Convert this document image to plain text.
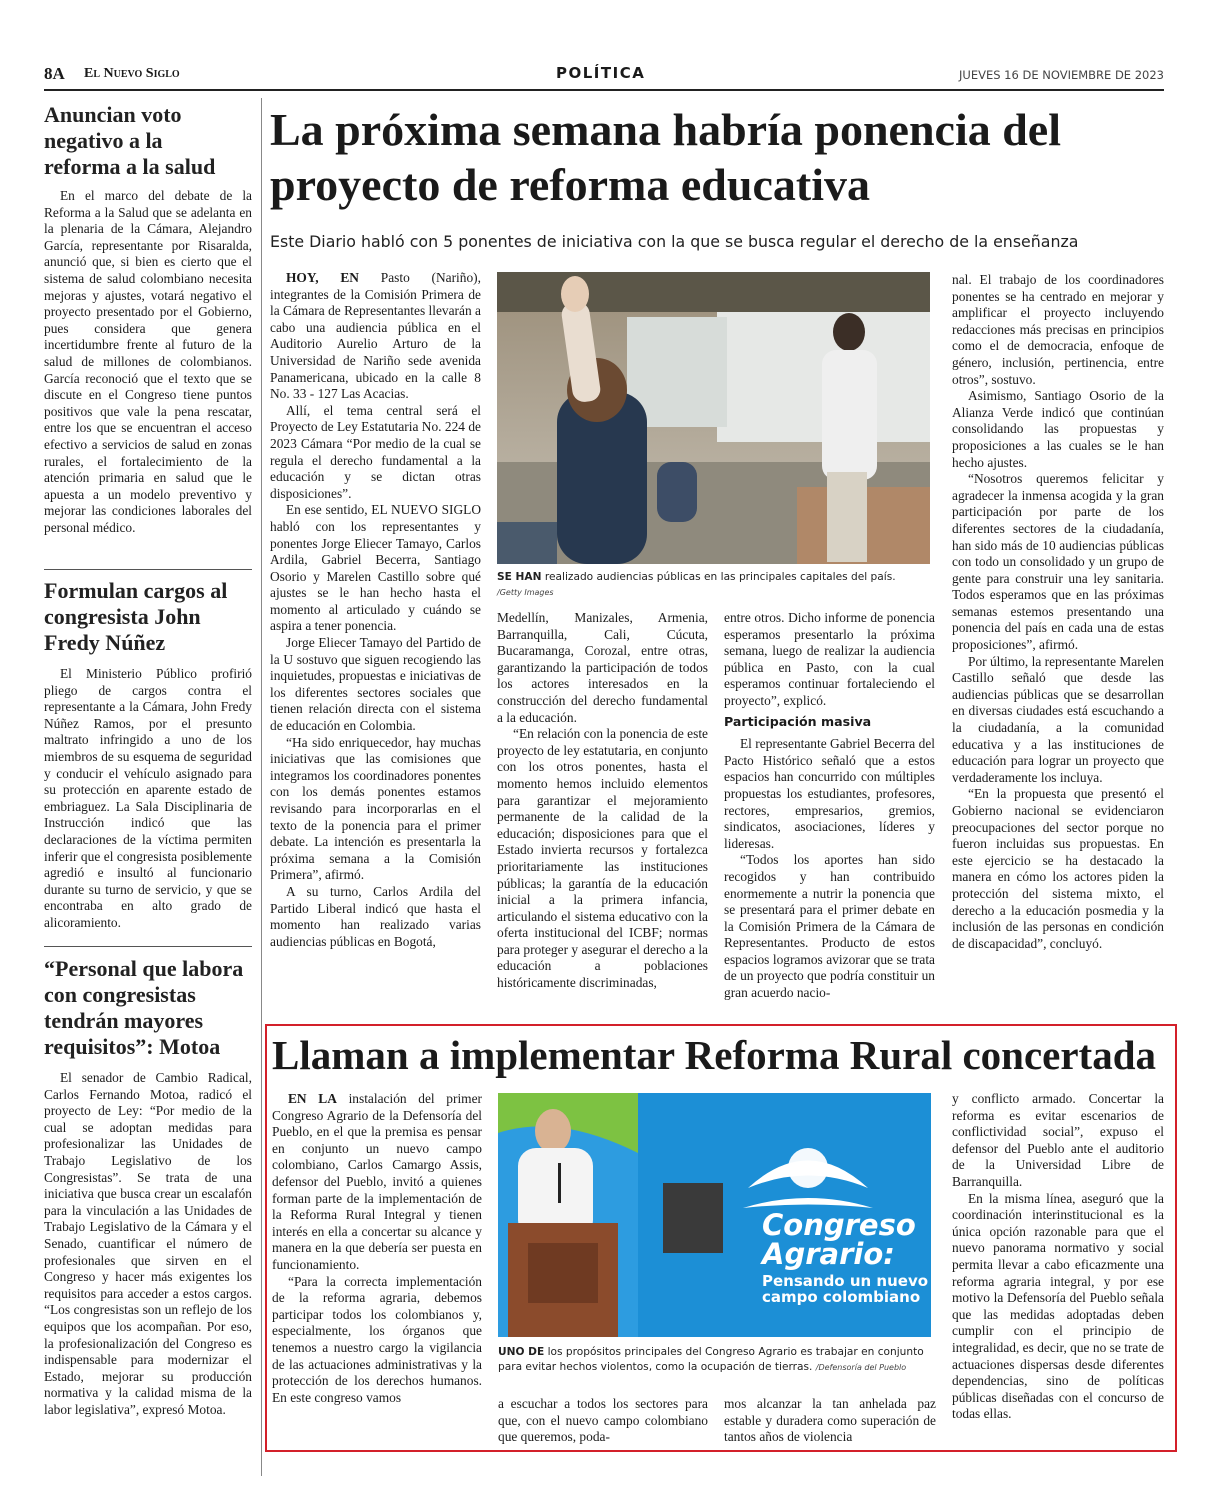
8A El Nuevo Siglo	POLÍTICA	JUEVES 16 DE NOVIEMBRE DE 2023
Anuncian voto negativo a la reforma a la salud

En el marco del debate de la Reforma a la Salud que se adelanta en la plenaria de la Cámara, Alejandro García, representante por Risaralda, anunció que, si bien es cierto que el sistema de salud colombiano necesita mejoras y ajustes, votará negativo el proyecto presentado por el Gobierno, pues considera que genera incertidumbre frente al futuro de la salud de millones de colombianos. García reconoció que el texto que se discute en el Congreso tiene puntos positivos que vale la pena rescatar, entre los que se encuentran el acceso efectivo a servicios de salud en zonas rurales, el fortalecimiento de la atención primaria en salud que le apuesta a un modelo preventivo y mejorar las condiciones laborales del personal médico.

Formulan cargos al congresista John Fredy Núñez

El Ministerio Público profirió pliego de cargos contra el representante a la Cámara, John Fredy Núñez Ramos, por el presunto maltrato infringido a uno de los miembros de su esquema de seguridad y conducir el vehículo asignado para su protección en aparente estado de embriaguez. La Sala Disciplinaria de Instrucción indicó que las declaraciones de la víctima permiten inferir que el congresista posiblemente agredió e insultó al funcionario durante su turno de servicio, y que se encontraba en alto grado de alicoramiento.

“Personal que labora con congresistas tendrán mayores requisitos”: Motoa

El senador de Cambio Radical, Carlos Fernando Motoa, radicó el proyecto de Ley: “Por medio de la cual se adoptan medidas para profesionalizar las Unidades de Trabajo Legislativo de los Congresistas”. Se trata de una iniciativa que busca crear un escalafón para la vinculación a las Unidades de Trabajo Legislativo de la Cámara y el Senado, cuantificar el número de profesionales que sirven en el Congreso y hacer más exigentes los requisitos para acceder a estos cargos. “Los congresistas son un reflejo de los equipos que los acompañan. Por eso, la profesionalización del Congreso es indispensable para modernizar el Estado, mejorar su producción normativa y la calidad misma de la labor legislativa”, expresó Motoa.

La próxima semana habría ponencia del proyecto de reforma educativa
Este Diario habló con 5 ponentes de iniciativa con la que se busca regular el derecho de la enseñanza

HOY, EN Pasto (Nariño), integrantes de la Comisión Primera de la Cámara de Representantes llevarán a cabo una audiencia pública en el Auditorio Aurelio Arturo de la Universidad de Nariño sede avenida Panamericana, ubicado en la calle 8 No. 33 - 127 Las Acacias.

Allí, el tema central será el Proyecto de Ley Estatutaria No. 224 de 2023 Cámara “Por medio de la cual se regula el derecho fundamental a la educación y se dictan otras disposiciones”.

En ese sentido, EL NUEVO SIGLO habló con los representantes y ponentes Jorge Eliecer Tamayo, Carlos Ardila, Gabriel Becerra, Santiago Osorio y Marelen Castillo sobre qué ajustes se le han hecho hasta el momento al articulado y cuándo se aspira a tener ponencia.

Jorge Eliecer Tamayo del Partido de la U sostuvo que siguen recogiendo las inquietudes, propuestas e iniciativas de los diferentes sectores sociales que tienen relación directa con el sistema de educación en Colombia.

“Ha sido enriquecedor, hay muchas iniciativas que las comisiones que integramos los coordinadores ponentes con los demás ponentes estamos revisando para incorporarlas en el texto de la ponencia para el primer debate. La intención es presentarla la próxima semana a la Comisión Primera”, afirmó.

A su turno, Carlos Ardila del Partido Liberal indicó que hasta el momento han realizado varias audiencias públicas en Bogotá,

SE HAN realizado audiencias públicas en las principales capitales del país.
/Getty Images

Medellín, Manizales, Armenia, Barranquilla, Cali, Cúcuta, Bucaramanga, Corozal, entre otras, garantizando la participación de todos los actores interesados en la construcción del derecho fundamental a la educación.

“En relación con la ponencia de este proyecto de ley estatutaria, en conjunto con los otros ponentes, hasta el momento hemos incluido elementos para garantizar el mejoramiento permanente de la calidad de la educación; disposiciones para que el Estado invierta recursos y fortalezca prioritariamente las instituciones públicas; la garantía de la educación inicial a la primera infancia, articulando el sistema educativo con la oferta institucional del ICBF; normas para proteger y asegurar el derecho a la educación a poblaciones históricamente discriminadas,

entre otros. Dicho informe de ponencia esperamos presentarlo la próxima semana, luego de realizar la audiencia pública en Pasto, con la cual esperamos continuar fortaleciendo el proyecto”, explicó.

Participación masiva

El representante Gabriel Becerra del Pacto Histórico señaló que a estos espacios han concurrido con múltiples propuestas los estudiantes, profesores, rectores, empresarios, gremios, sindicatos, asociaciones, líderes y lideresas.

“Todos los aportes han sido recogidos y han contribuido enormemente a nutrir la ponencia que se presentará para el primer debate en la Comisión Primera de la Cámara de Representantes. Producto de estos espacios logramos avizorar que se trata de un proyecto que podría constituir un gran acuerdo nacio-

nal. El trabajo de los coordinadores ponentes se ha centrado en mejorar y amplificar el proyecto incluyendo redacciones más precisas en principios como el de democracia, enfoque de género, inclusión, pertinencia, entre otros”, sostuvo.

Asimismo, Santiago Osorio de la Alianza Verde indicó que continúan consolidando las propuestas y proposiciones a las cuales se le han hecho ajustes.

“Nosotros queremos felicitar y agradecer la inmensa acogida y la gran participación por parte de los diferentes sectores de la ciudadanía, han sido más de 10 audiencias públicas con todo un consolidado y un grupo de gente para construir una ley sanitaria. Todos esperamos que en las próximas semanas estemos presentando una ponencia del país en cada una de estas proposiciones”, afirmó.

Por último, la representante Marelen Castillo señaló que desde las audiencias públicas que se desarrollan en diversas ciudades está escuchando a la ciudadanía, a la comunidad educativa y a las instituciones de educación para lograr un proyecto que verdaderamente los incluya.

“En la propuesta que presentó el Gobierno nacional se evidenciaron preocupaciones del sector porque no fueron incluidas sus propuestas. En este ejercicio se ha destacado la manera en cómo los actores piden la protección del sistema mixto, el derecho a la educación posmedia y la inclusión de las personas en condición de discapacidad”, concluyó.

Llaman a implementar Reforma Rural concertada

EN LA instalación del primer Congreso Agrario de la Defensoría del Pueblo, en el que la premisa es pensar en conjunto un nuevo campo colombiano, Carlos Camargo Assis, defensor del Pueblo, invitó a quienes forman parte de la implementación de la Reforma Rural Integral y tienen interés en ella a concertar su alcance y manera en la que debería ser puesta en funcionamiento.

“Para la correcta implementación de la reforma agraria, debemos participar todos los colombianos y, especialmente, los órganos que tenemos a nuestro cargo la vigilancia de las actuaciones administrativas y la protección de los derechos humanos. En este congreso vamos

Congreso
Agrario:
Pensando un nuevo
campo colombiano
UNO DE los propósitos principales del Congreso Agrario es trabajar en conjunto para evitar hechos violentos, como la ocupación de tierras. /Defensoría del Pueblo

a escuchar a todos los sectores para que, con el nuevo campo colombiano que queremos, poda-

mos alcanzar la tan anhelada paz estable y duradera como superación de tantos años de violencia

y conflicto armado. Concertar la reforma es evitar escenarios de conflictividad social”, expuso el defensor del Pueblo ante el auditorio de la Universidad Libre de Barranquilla.

En la misma línea, aseguró que la coordinación interinstitucional es la única opción razonable para que el nuevo panorama normativo y social permita llevar a cabo eficazmente una reforma agraria integral, y por ese motivo la Defensoría del Pueblo señala que las medidas adoptadas deben cumplir con el principio de integralidad, es decir, que no se trate de actuaciones dispersas desde diferentes dependencias, sino de políticas públicas diseñadas con el concurso de todas ellas.
